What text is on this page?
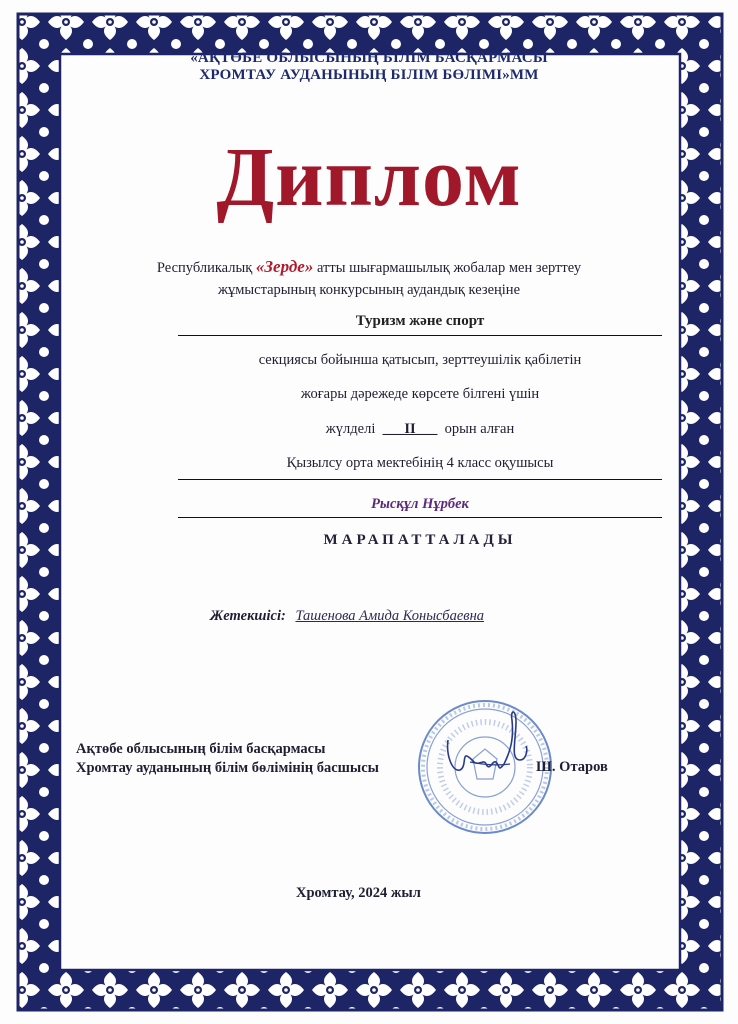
«АҚТӨБЕ ОБЛЫСЫНЫҢ БІЛІМ БАСҚАРМАСЫ
ХРОМТАУ АУДАНЫНЫҢ БІЛІМ БӨЛІМІ»ММ
Диплом
Республикалық «Зерде» атты шығармашылық жобалар мен зерттеу
жұмыстарының конкурсының аудандық кезеңіне
Туризм және спорт
секциясы бойынша қатысып, зерттеушілік қабілетін
жоғары дәрежеде көрсете білгені үшін
жүлделі ___II___ орын алған
Қызылсу орта мектебінің 4 класс оқушысы
Рысқұл Нұрбек
МАРАПАТТАЛАДЫ
Жетекшісі: Ташенова Амида Конысбаевна
Ақтөбе облысының білім басқармасы
Хромтау ауданының білім бөлімінің басшысы	Ш. Отаров
Хромтау, 2024 жыл
